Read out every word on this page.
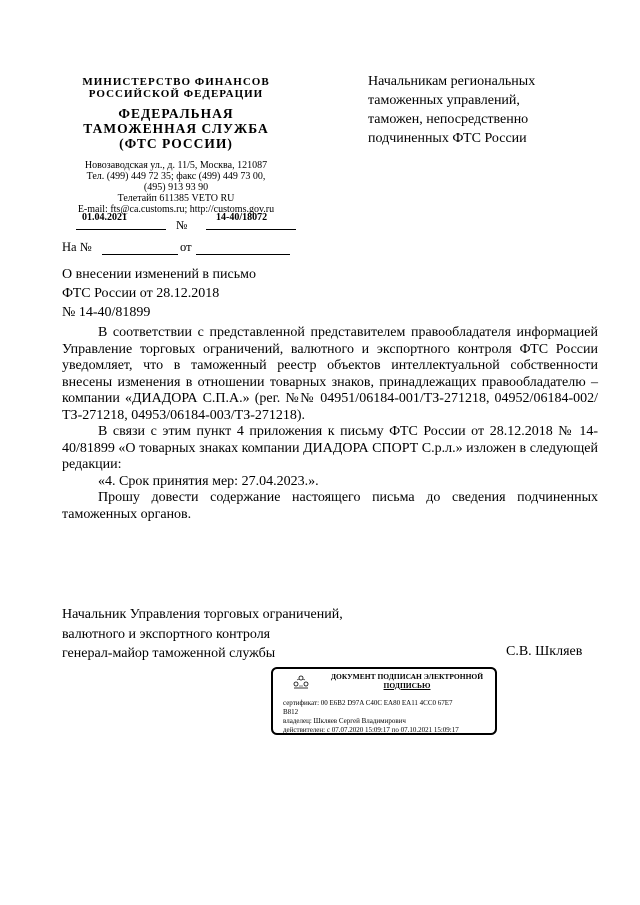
МИНИСТЕРСТВО ФИНАНСОВ
РОССИЙСКОЙ ФЕДЕРАЦИИ
ФЕДЕРАЛЬНАЯ
ТАМОЖЕННАЯ СЛУЖБА
(ФТС РОССИИ)
Новозаводская ул., д. 11/5, Москва, 121087
Тел. (499) 449 72 35; факс (499) 449 73 00,
(495) 913 93 90
Телетайп 611385 VETO RU
E-mail: fts@ca.customs.ru; http://customs.gov.ru
01.04.2021
№
14-40/18072
На №	от
Начальникам региональных
таможенных управлений,
таможен, непосредственно
подчиненных ФТС России
О внесении изменений в письмо
ФТС России от 28.12.2018
№ 14-40/81899

В соответствии с представленной представителем правообладателя информацией Управление торговых ограничений, валютного и экспортного контроля ФТС России уведомляет, что в таможенный реестр объектов интеллектуальной собственности внесены изменения в отношении товарных знаков, принадлежащих правообладателю – компании «ДИАДОРА С.П.А.» (рег. №№ 04951/06184-001/ТЗ-271218, 04952/06184-002/ТЗ-271218, 04953/06184-003/ТЗ-271218).

В связи с этим пункт 4 приложения к письму ФТС России от 28.12.2018 № 14-40/81899 «О товарных знаках компании ДИАДОРА СПОРТ С.р.л.» изложен в следующей редакции:

«4. Срок принятия мер: 27.04.2023.».

Прошу довести содержание настоящего письма до сведения подчиненных таможенных органов.

Начальник Управления торговых ограничений,
валютного и экспортного контроля
генерал-майор таможенной службы	С.В. Шкляев
ДОКУМЕНТ ПОДПИСАН ЭЛЕКТРОННОЙ
ПОДПИСЬЮ
сертификат: 00 E6B2 D97A C40C EA80 EA11 4CC0 67E7
B812
владелец: Шкляев Сергей Владимирович
действителен: с 07.07.2020 15:09:17 по 07.10.2021 15:09:17
